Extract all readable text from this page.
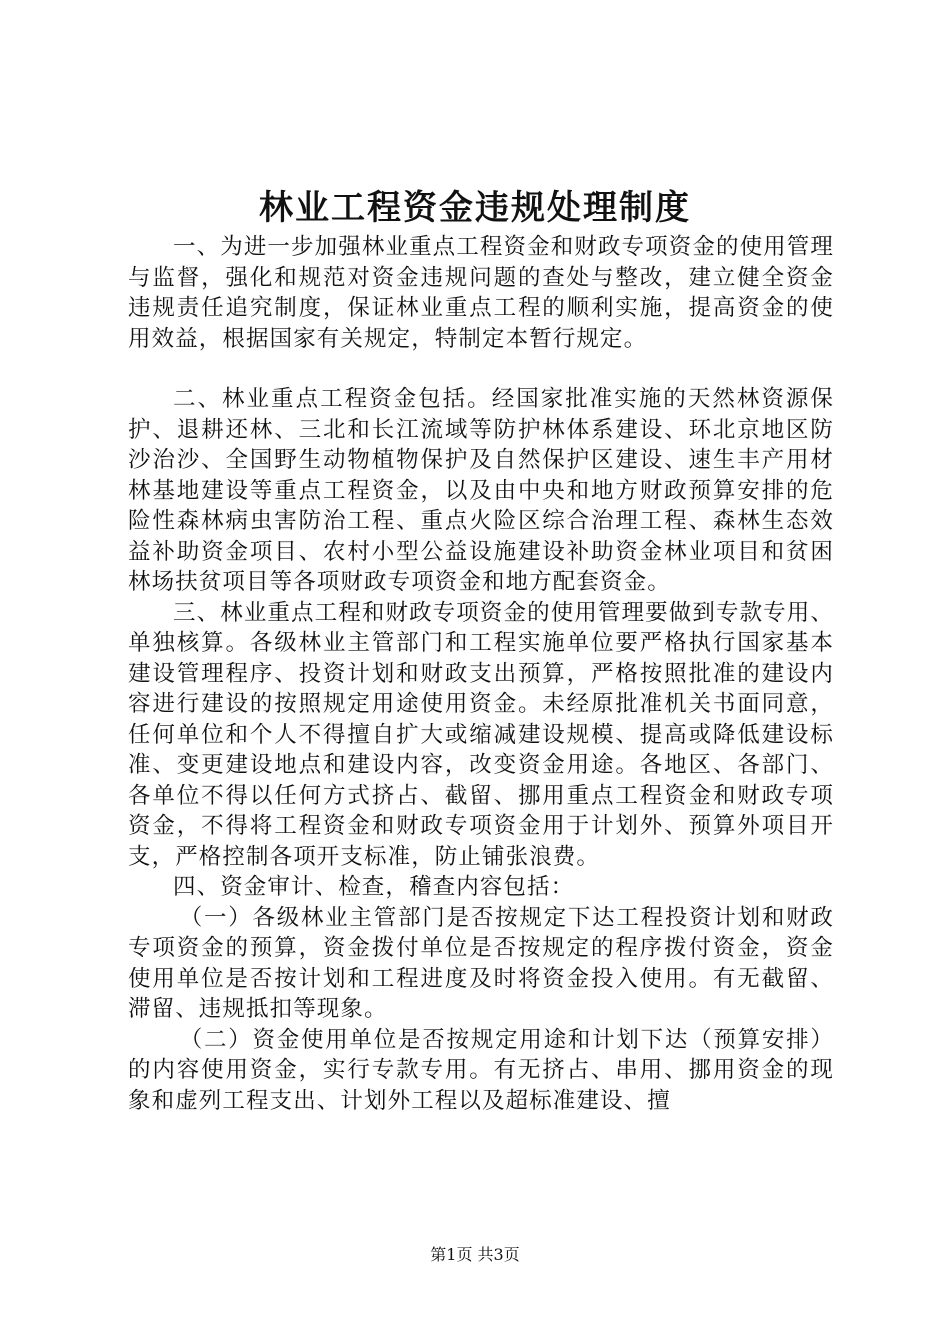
林业工程资金违规处理制度

一、为进一步加强林业重点工程资金和财政专项资金的使用管理与监督，强化和规范对资金违规问题的查处与整改，建立健全资金违规责任追究制度，保证林业重点工程的顺利实施，提高资金的使用效益，根据国家有关规定，特制定本暂行规定。

二、林业重点工程资金包括。经国家批准实施的天然林资源保护、退耕还林、三北和长江流域等防护林体系建设、环北京地区防沙治沙、全国野生动物植物保护及自然保护区建设、速生丰产用材林基地建设等重点工程资金，以及由中央和地方财政预算安排的危险性森林病虫害防治工程、重点火险区综合治理工程、森林生态效益补助资金项目、农村小型公益设施建设补助资金林业项目和贫困林场扶贫项目等各项财政专项资金和地方配套资金。

三、林业重点工程和财政专项资金的使用管理要做到专款专用、单独核算。各级林业主管部门和工程实施单位要严格执行国家基本建设管理程序、投资计划和财政支出预算，严格按照批准的建设内容进行建设的按照规定用途使用资金。未经原批准机关书面同意，任何单位和个人不得擅自扩大或缩减建设规模、提高或降低建设标准、变更建设地点和建设内容，改变资金用途。各地区、各部门、各单位不得以任何方式挤占、截留、挪用重点工程资金和财政专项资金，不得将工程资金和财政专项资金用于计划外、预算外项目开支，严格控制各项开支标准，防止铺张浪费。

四、资金审计、检查，稽查内容包括：

（一）各级林业主管部门是否按规定下达工程投资计划和财政专项资金的预算，资金拨付单位是否按规定的程序拨付资金，资金使用单位是否按计划和工程进度及时将资金投入使用。有无截留、滞留、违规抵扣等现象。

（二）资金使用单位是否按规定用途和计划下达（预算安排）的内容使用资金，实行专款专用。有无挤占、串用、挪用资金的现象和虚列工程支出、计划外工程以及超标准建设、擅

第1页 共3页
